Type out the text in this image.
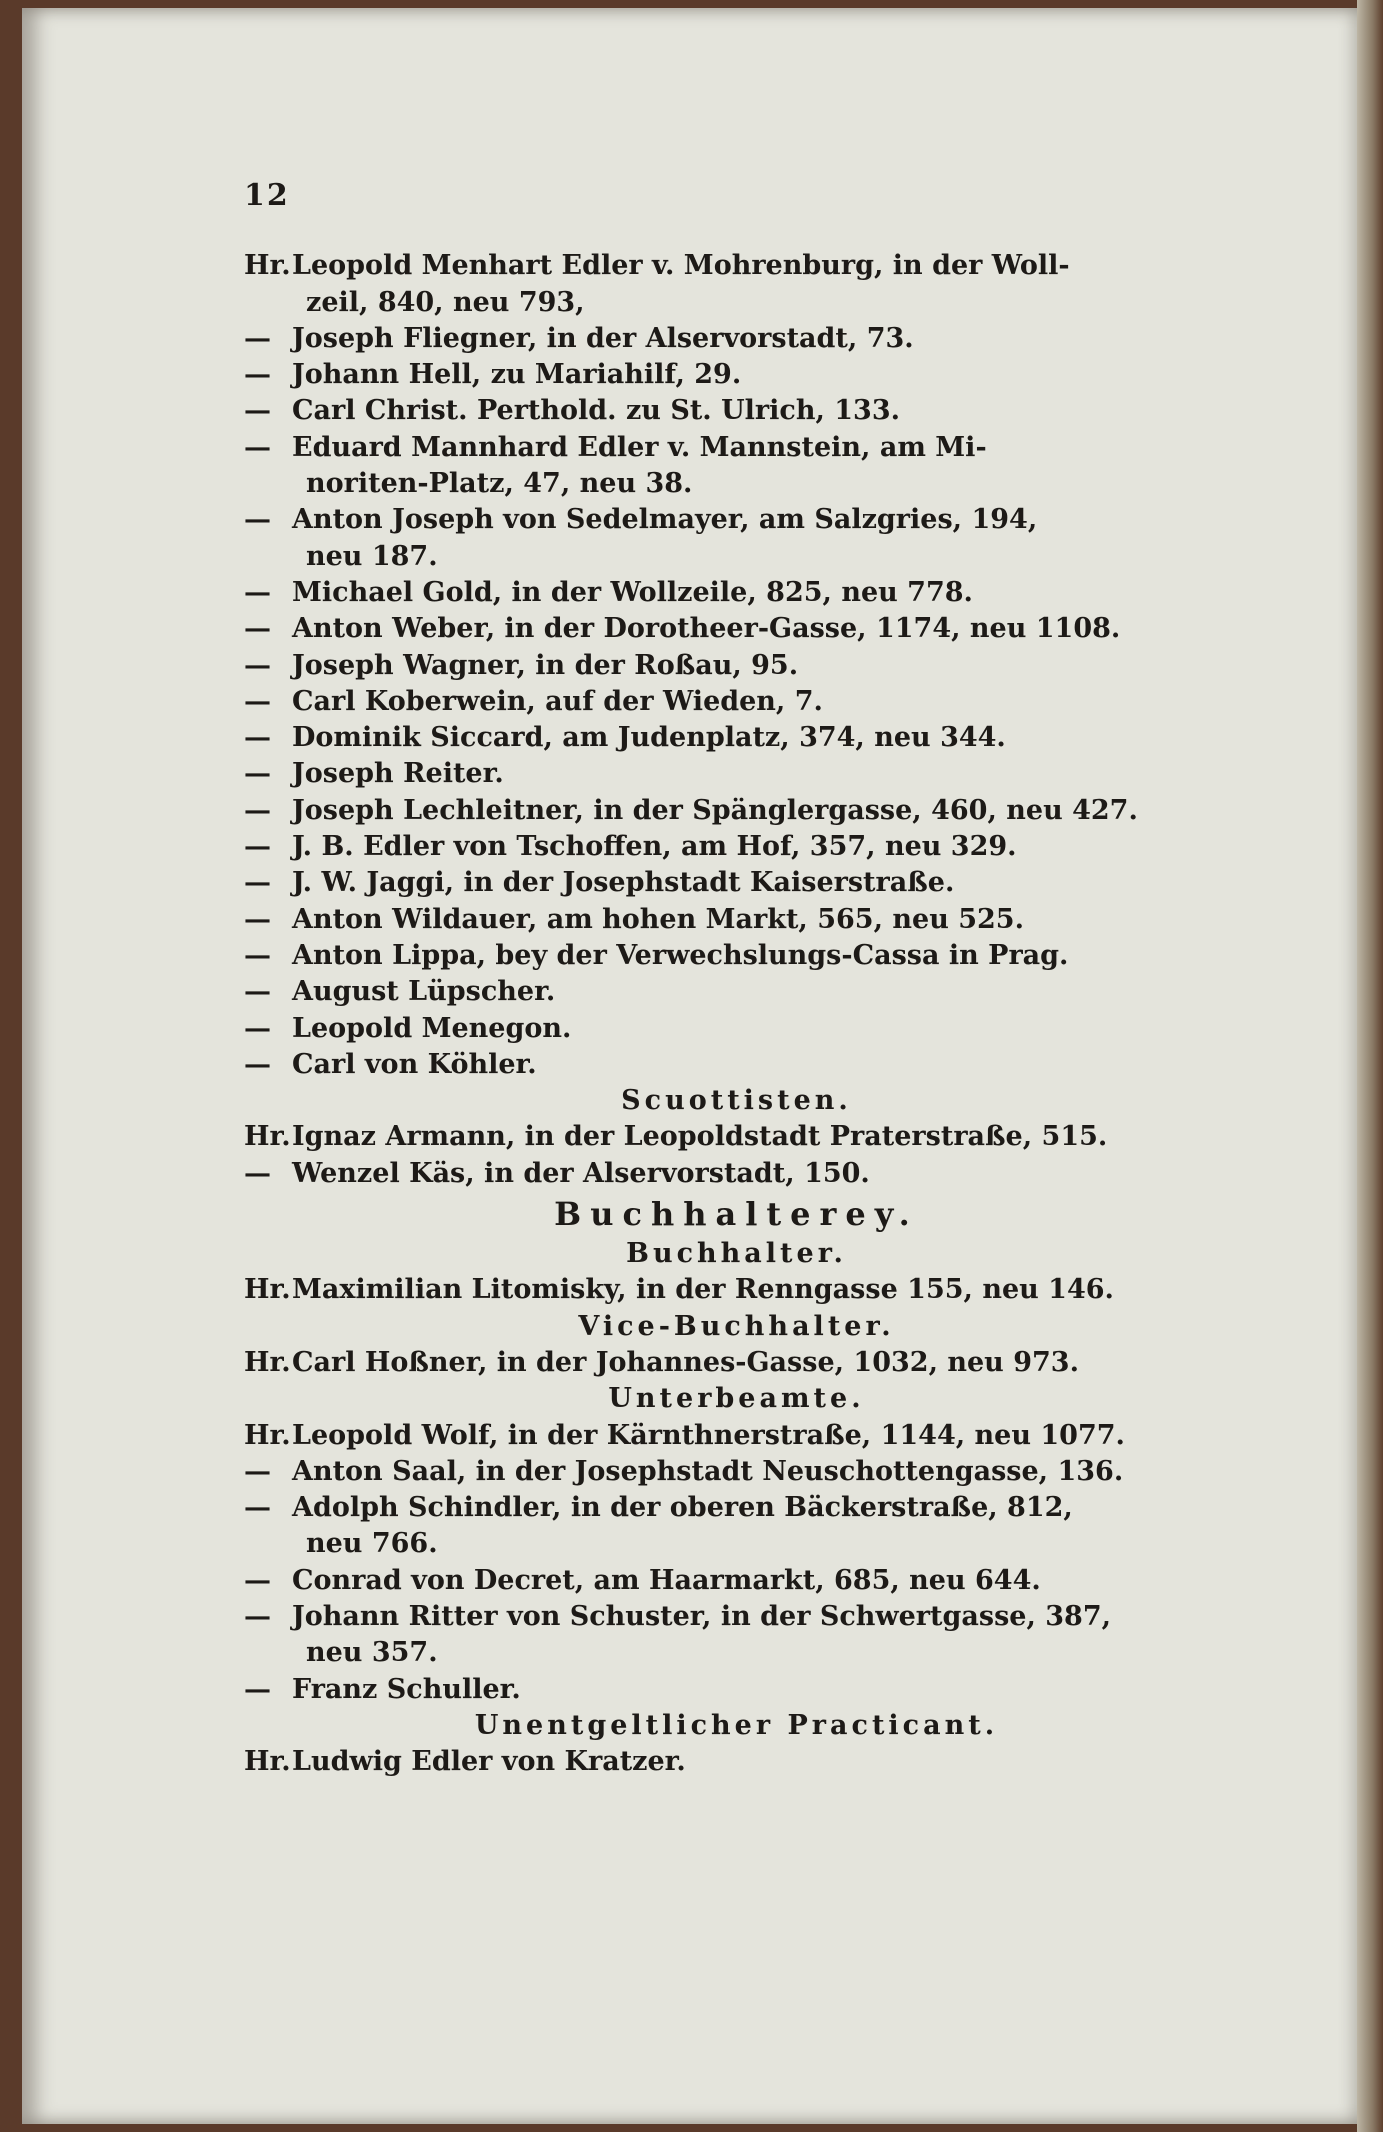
12
Hr.Leopold Menhart Edler v. Mohrenburg, in der Woll-
zeil, 840, neu 793,
— Joseph Fliegner, in der Alservorstadt, 73.
— Johann Hell, zu Mariahilf, 29.
— Carl Christ. Perthold. zu St. Ulrich, 133.
— Eduard Mannhard Edler v. Mannstein, am Mi-
noriten-Platz, 47, neu 38.
— Anton Joseph von Sedelmayer, am Salzgries, 194,
neu 187.
— Michael Gold, in der Wollzeile, 825, neu 778.
— Anton Weber, in der Dorotheer-Gasse, 1174, neu 1108.
— Joseph Wagner, in der Roßau, 95.
— Carl Koberwein, auf der Wieden, 7.
— Dominik Siccard, am Judenplatz, 374, neu 344.
— Joseph Reiter.
— Joseph Lechleitner, in der Spänglergasse, 460, neu 427.
— J. B. Edler von Tschoffen, am Hof, 357, neu 329.
— J. W. Jaggi, in der Josephstadt Kaiserstraße.
— Anton Wildauer, am hohen Markt, 565, neu 525.
— Anton Lippa, bey der Verwechslungs-Cassa in Prag.
— August Lüpscher.
— Leopold Menegon.
— Carl von Köhler.
Scuottisten.
Hr.Ignaz Armann, in der Leopoldstadt Praterstraße, 515.
— Wenzel Käs, in der Alservorstadt, 150.
Buchhalterey.
Buchhalter.
Hr.Maximilian Litomisky, in der Renngasse 155, neu 146.
Vice-Buchhalter.
Hr.Carl Hoßner, in der Johannes-Gasse, 1032, neu 973.
Unterbeamte.
Hr.Leopold Wolf, in der Kärnthnerstraße, 1144, neu 1077.
— Anton Saal, in der Josephstadt Neuschottengasse, 136.
— Adolph Schindler, in der oberen Bäckerstraße, 812,
neu 766.
— Conrad von Decret, am Haarmarkt, 685, neu 644.
— Johann Ritter von Schuster, in der Schwertgasse, 387,
neu 357.
— Franz Schuller.
Unentgeltlicher Practicant.
Hr.Ludwig Edler von Kratzer.
